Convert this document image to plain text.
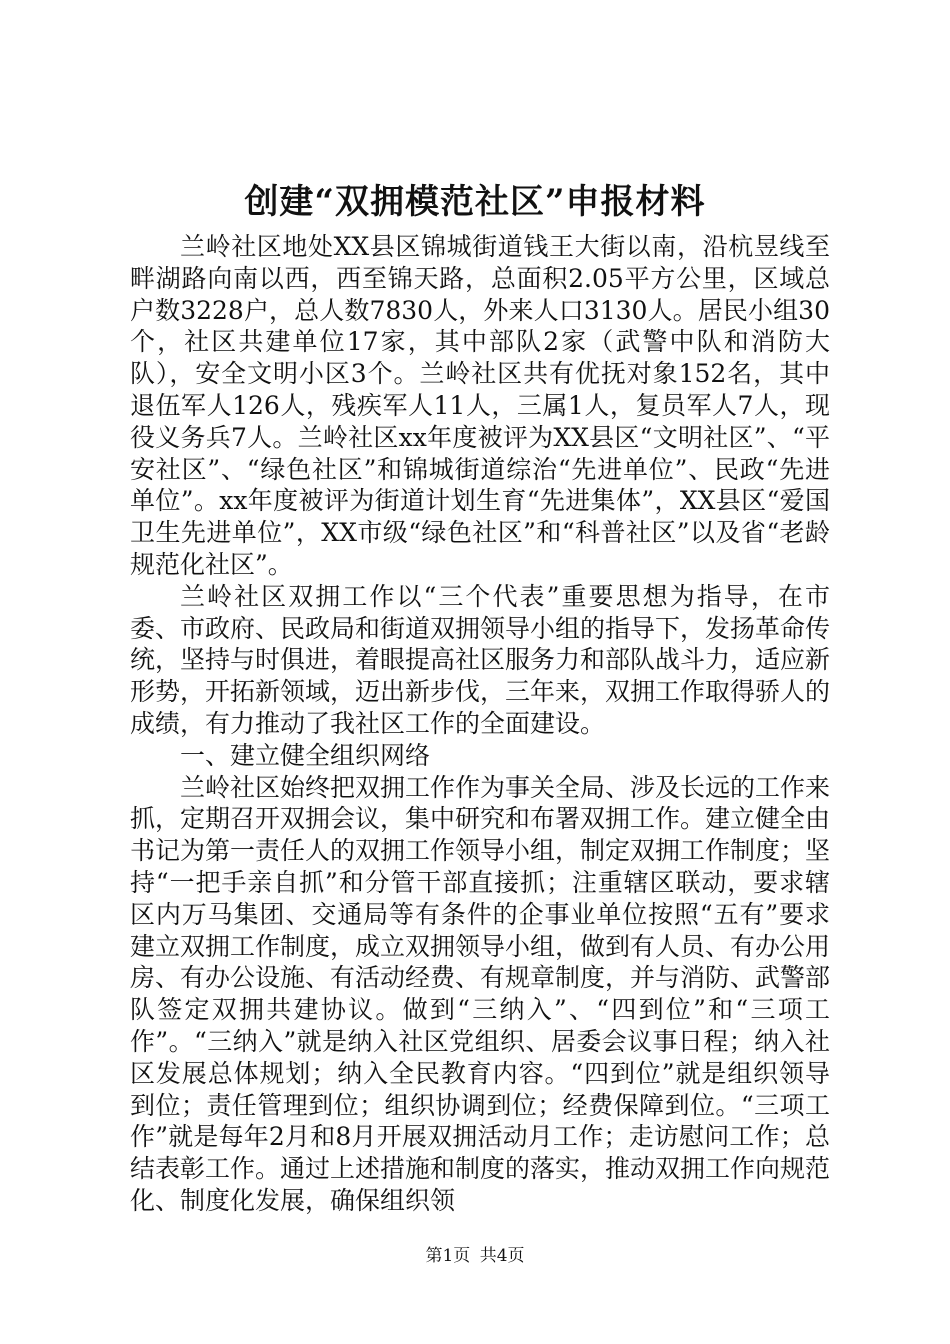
创建“双拥模范社区”申报材料

兰岭社区地处XX县区锦城街道钱王大街以南，沿杭昱线至畔湖路向南以西，西至锦天路，总面积2.05平方公里，区域总户数3228户，总人数7830人，外来人口3130人。居民小组30个，社区共建单位17家，其中部队2家（武警中队和消防大队），安全文明小区3个。兰岭社区共有优抚对象152名，其中退伍军人126人，残疾军人11人，三属1人，复员军人7人，现役义务兵7人。兰岭社区xx年度被评为XX县区“文明社区”、“平安社区”、“绿色社区”和锦城街道综治“先进单位”、民政“先进单位”。xx年度被评为街道计划生育“先进集体”，XX县区“爱国卫生先进单位”，XX市级“绿色社区”和“科普社区”以及省“老龄规范化社区”。

兰岭社区双拥工作以“三个代表”重要思想为指导，在市委、市政府、民政局和街道双拥领导小组的指导下，发扬革命传统，坚持与时俱进，着眼提高社区服务力和部队战斗力，适应新形势，开拓新领域，迈出新步伐，三年来，双拥工作取得骄人的成绩，有力推动了我社区工作的全面建设。

一、建立健全组织网络

兰岭社区始终把双拥工作作为事关全局、涉及长远的工作来抓，定期召开双拥会议，集中研究和布署双拥工作。建立健全由书记为第一责任人的双拥工作领导小组，制定双拥工作制度；坚持“一把手亲自抓”和分管干部直接抓；注重辖区联动，要求辖区内万马集团、交通局等有条件的企事业单位按照“五有”要求建立双拥工作制度，成立双拥领导小组，做到有人员、有办公用房、有办公设施、有活动经费、有规章制度，并与消防、武警部队签定双拥共建协议。做到“三纳入”、“四到位”和“三项工作”。“三纳入”就是纳入社区党组织、居委会议事日程；纳入社区发展总体规划；纳入全民教育内容。“四到位”就是组织领导到位；责任管理到位；组织协调到位；经费保障到位。“三项工作”就是每年2月和8月开展双拥活动月工作；走访慰问工作；总结表彰工作。通过上述措施和制度的落实，推动双拥工作向规范化、制度化发展，确保组织领

第1页 共4页
